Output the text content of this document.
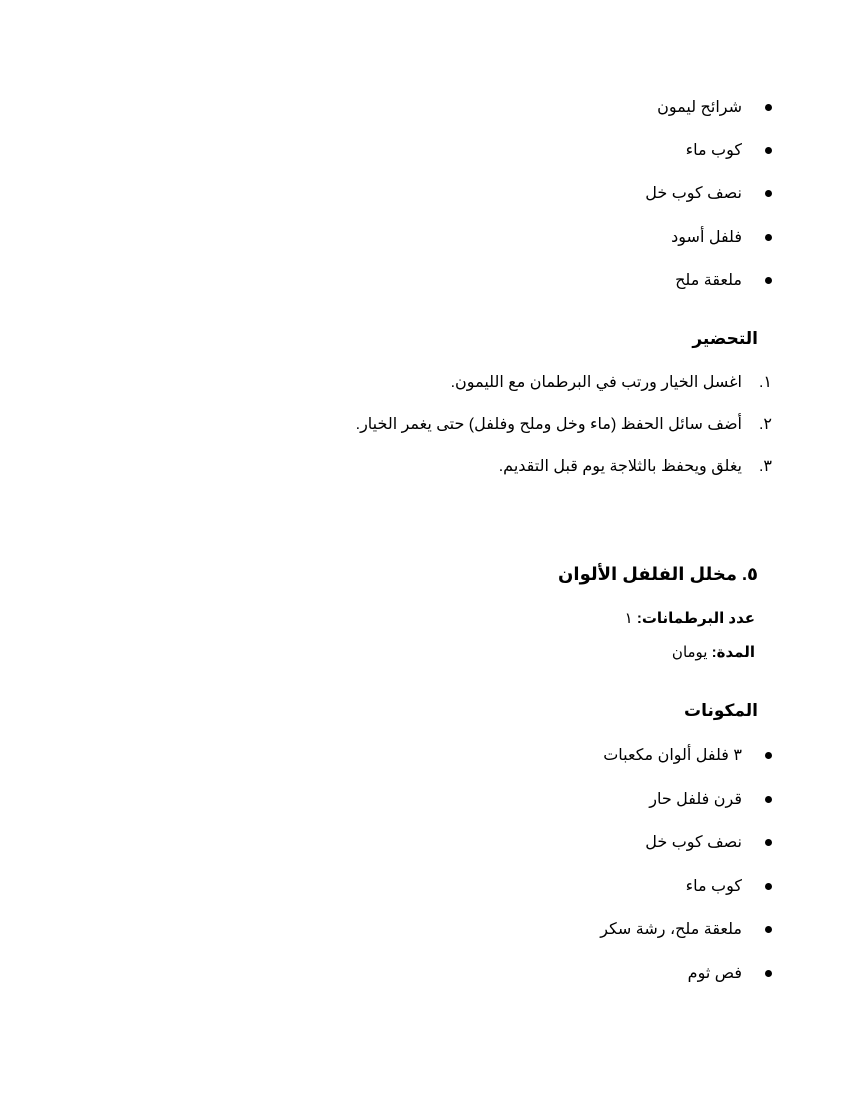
شرائح ليمون
كوب ماء
نصف كوب خل
فلفل أسود
ملعقة ملح
التحضير
١.
اغسل الخيار ورتب في البرطمان مع الليمون.
٢.
أضف سائل الحفظ (ماء وخل وملح وفلفل) حتى يغمر الخيار.
٣.
يغلق ويحفظ بالثلاجة يوم قبل التقديم.
٥. مخلل الفلفل الألوان
عدد البرطمانات: ١
المدة: يومان
المكونات
٣ فلفل ألوان مكعبات
قرن فلفل حار
نصف كوب خل
كوب ماء
ملعقة ملح، رشة سكر
فص ثوم
